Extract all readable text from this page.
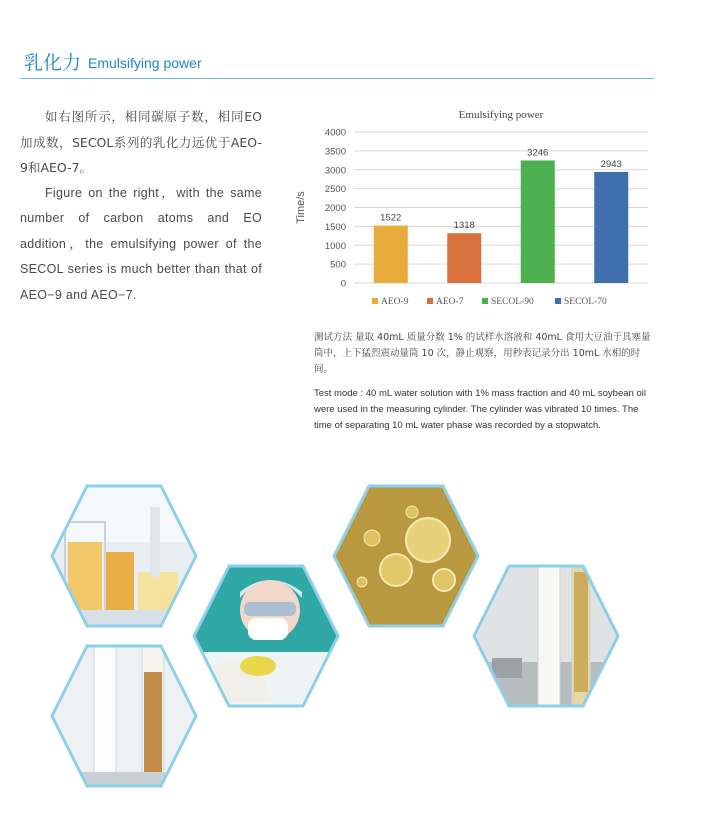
乳化力 Emulsifying power

如右图所示，相同碳原子数，相同EO加成数，SECOL系列的乳化力远优于AEO-9和AEO-7。

Figure on the right，with the same number of carbon atoms and EO addition，the emulsifying power of the SECOL series is much better than that of AEO−9 and AEO−7.

Emulsifying power
0
500
1000
1500
2000
2500
3000
3500
4000
Time/s	1522
1318
3246
2943
AEO-9	AEO-7	SECOL-90	SECOL-70

测试方法 量取 40mL 质量分数 1% 的试样水溶液和 40mL 食用大豆油于具塞量筒中，上下猛烈震动量筒 10 次，静止观察，用秒表记录分出 10mL 水相的时间。

Test mode : 40 mL water solution with 1% mass fraction and 40 mL soybean oil were used in the measuring cylinder. The cylinder was vibrated 10 times. The time of separating 10 mL water phase was recorded by a stopwatch.
